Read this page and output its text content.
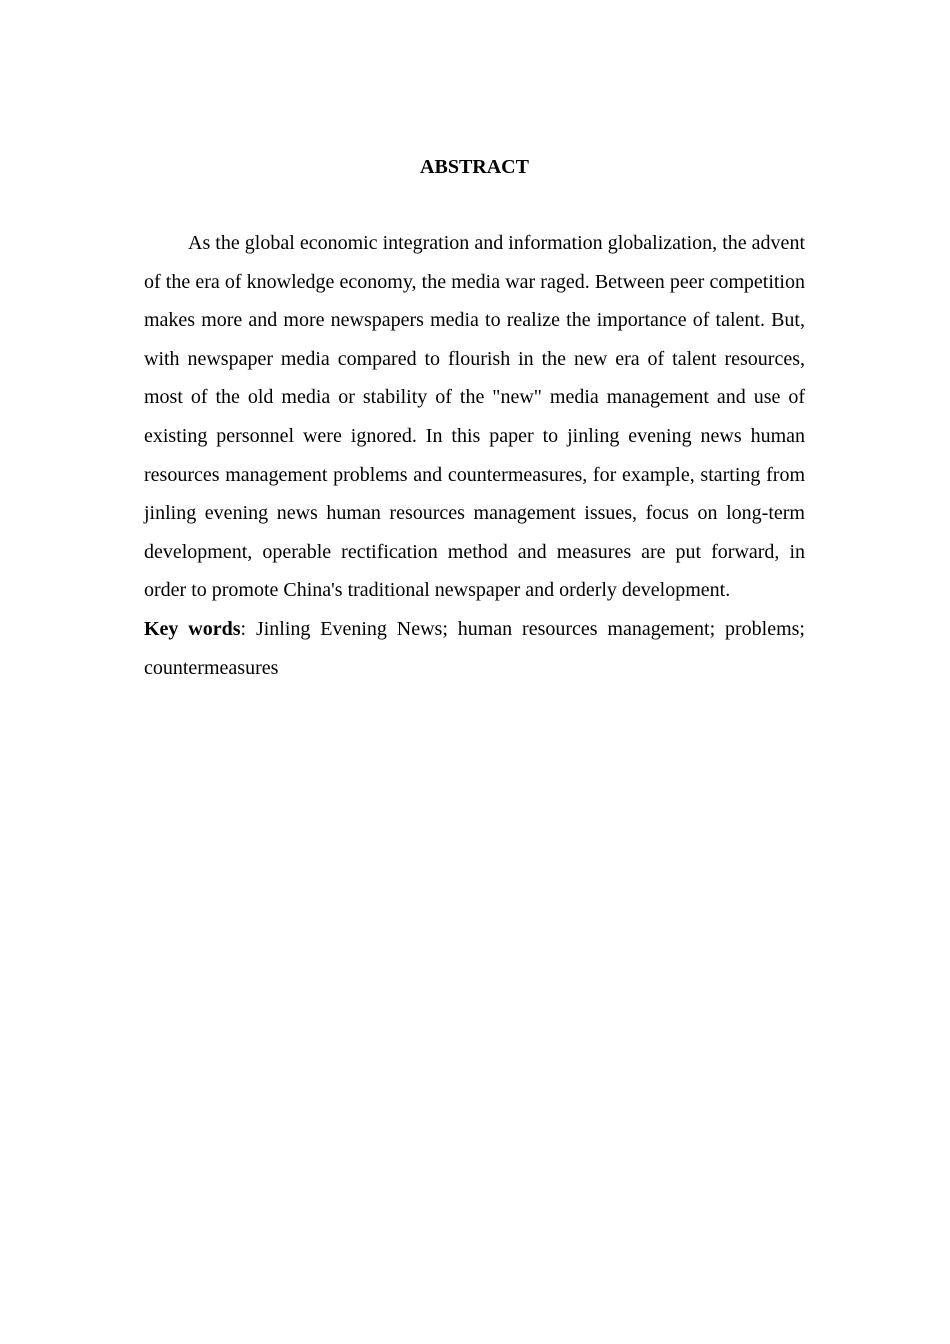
ABSTRACT

As the global economic integration and information globalization, the advent of the era of knowledge economy, the media war raged. Between peer competition makes more and more newspapers media to realize the importance of talent. But, with newspaper media compared to flourish in the new era of talent resources, most of the old media or stability of the "new" media management and use of existing personnel were ignored. In this paper to jinling evening news human resources management problems and countermeasures, for example, starting from jinling evening news human resources management issues, focus on long-term development, operable rectification method and measures are put forward, in order to promote China's traditional newspaper and orderly development.

Key words: Jinling Evening News; human resources management; problems; countermeasures
